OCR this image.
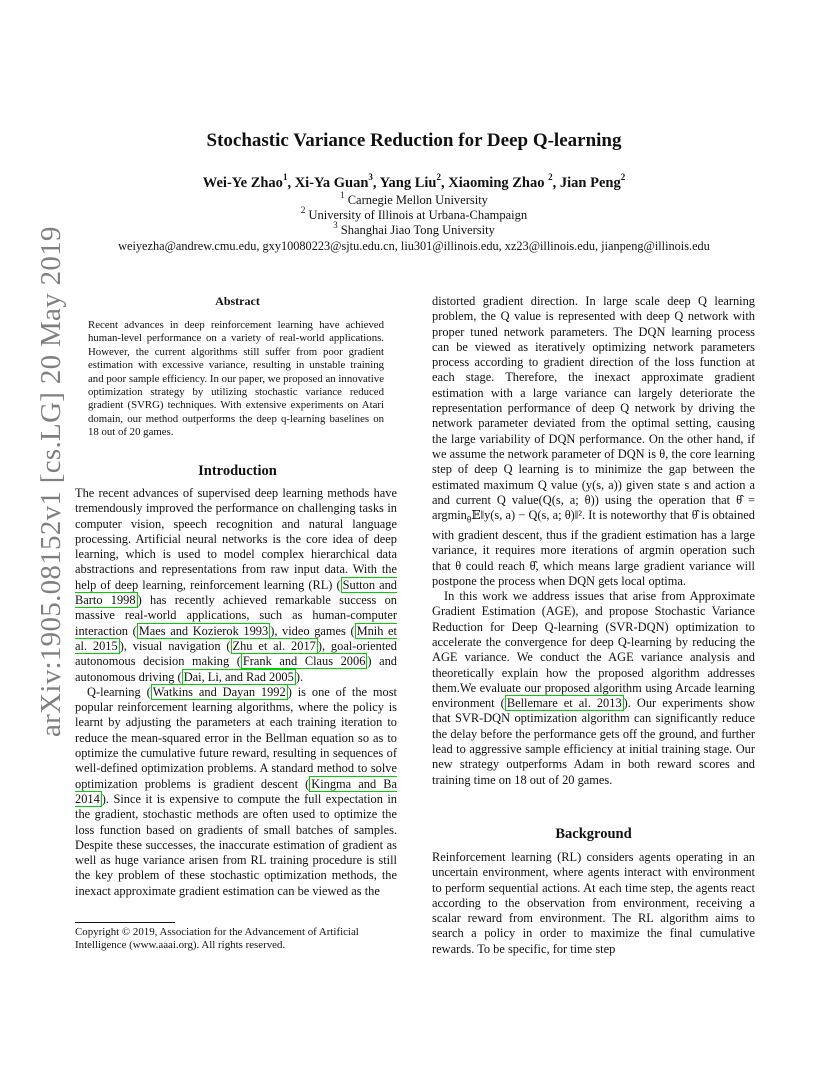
arXiv:1905.08152v1 [cs.LG] 20 May 2019
Stochastic Variance Reduction for Deep Q-learning
Wei-Ye Zhao$^1$, Xi-Ya Guan$^3$, Yang Liu$^2$, Xiaoming Zhao $^2$, Jian Peng$^2$
$^1$ Carnegie Mellon University
$^2$ University of Illinois at Urbana-Champaign
$^3$ Shanghai Jiao Tong University
weiyezha@andrew.cmu.edu, gxy10080223@sjtu.edu.cn, liu301@illinois.edu, xz23@illinois.edu, jianpeng@illinois.edu
Abstract
Recent advances in deep reinforcement learning have achieved human-level performance on a variety of real-world applications. However, the current algorithms still suffer from poor gradient estimation with excessive variance, resulting in unstable training and poor sample efficiency. In our paper, we proposed an innovative optimization strategy by utilizing stochastic variance reduced gradient (SVRG) techniques. With extensive experiments on Atari domain, our method outperforms the deep q-learning baselines on 18 out of 20 games.
Introduction

The recent advances of supervised deep learning methods have tremendously improved the performance on challenging tasks in computer vision, speech recognition and natural language processing. Artificial neural networks is the core idea of deep learning, which is used to model complex hierarchical data abstractions and representations from raw input data. With the help of deep learning, reinforcement learning (RL) ( Sutton and Barto 1998 ) has recently achieved remarkable success on massive real-world applications, such as human-computer interaction ( Maes and Kozierok 1993 ), video games ( Mnih et al. 2015 ), visual navigation ( Zhu et al. 2017 ), goal-oriented autonomous decision making ( Frank and Claus 2006 ) and autonomous driving ( Dai, Li, and Rad 2005 ).

Q-learning ( Watkins and Dayan 1992 ) is one of the most popular reinforcement learning algorithms, where the policy is learnt by adjusting the parameters at each training iteration to reduce the mean-squared error in the Bellman equation so as to optimize the cumulative future reward, resulting in sequences of well-defined optimization problems. A standard method to solve optimization problems is gradient descent ( Kingma and Ba 2014 ). Since it is expensive to compute the full expectation in the gradient, stochastic methods are often used to optimize the loss function based on gradients of small batches of samples. Despite these successes, the inaccurate estimation of gradient as well as huge variance arisen from RL training procedure is still the key problem of these stochastic optimization methods, the inexact approximate gradient estimation can be viewed as the

Copyright © 2019, Association for the Advancement of Artificial Intelligence (www.aaai.org). All rights reserved.

distorted gradient direction. In large scale deep Q learning problem, the Q value is represented with deep Q network with proper tuned network parameters. The DQN learning process can be viewed as iteratively optimizing network parameters process according to gradient direction of the loss function at each stage. Therefore, the inexact approximate gradient estimation with a large variance can largely deteriorate the representation performance of deep Q network by driving the network parameter deviated from the optimal setting, causing the large variability of DQN performance. On the other hand, if we assume the network parameter of DQN is θ, the core learning step of deep Q learning is to minimize the gap between the estimated maximum Q value (y(s, a)) given state s and action a and current Q value(Q(s, a; θ)) using the operation that θ̂ = argmin$_\theta$𝔼‖y(s, a) − Q(s, a; θ)‖². It is noteworthy that θ̂ is obtained with gradient descent, thus if the gradient estimation has a large variance, it requires more iterations of argmin operation such that θ could reach θ̂, which means large gradient variance will postpone the process when DQN gets local optima.

In this work we address issues that arise from Approximate Gradient Estimation (AGE), and propose Stochastic Variance Reduction for Deep Q-learning (SVR-DQN) optimization to accelerate the convergence for deep Q-learning by reducing the AGE variance. We conduct the AGE variance analysis and theoretically explain how the proposed algorithm addresses them.We evaluate our proposed algorithm using Arcade learning environment ( Bellemare et al. 2013 ). Our experiments show that SVR-DQN optimization algorithm can significantly reduce the delay before the performance gets off the ground, and further lead to aggressive sample efficiency at initial training stage. Our new strategy outperforms Adam in both reward scores and training time on 18 out of 20 games.

Background
Reinforcement learning (RL) considers agents operating in an uncertain environment, where agents interact with environment to perform sequential actions. At each time step, the agents react according to the observation from environment, receiving a scalar reward from environment. The RL algorithm aims to search a policy in order to maximize the final cumulative rewards. To be specific, for time step
